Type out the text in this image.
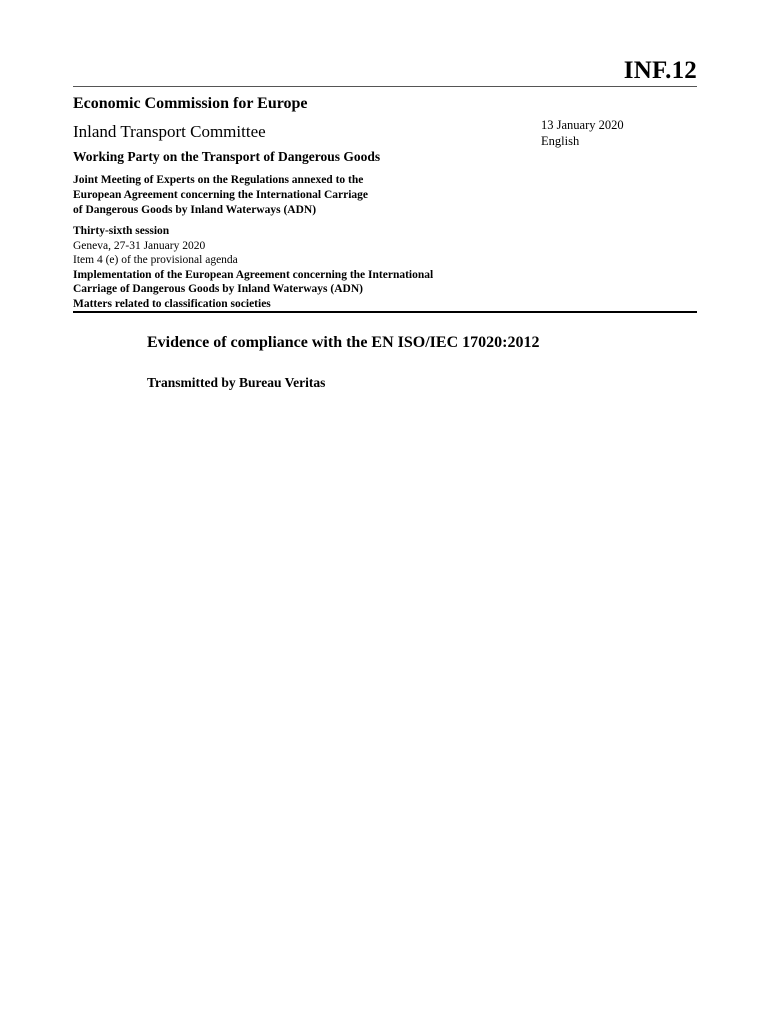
INF.12
Economic Commission for Europe
Inland Transport Committee	13 January 2020
English
Working Party on the Transport of Dangerous Goods
Joint Meeting of Experts on the Regulations annexed to the
European Agreement concerning the International Carriage
of Dangerous Goods by Inland Waterways (ADN)
Thirty-sixth session
Geneva, 27-31 January 2020
Item 4 (e) of the provisional agenda
Implementation of the European Agreement concerning the International
Carriage of Dangerous Goods by Inland Waterways (ADN)
Matters related to classification societies
Evidence of compliance with the EN ISO/IEC 17020:2012
Transmitted by Bureau Veritas
